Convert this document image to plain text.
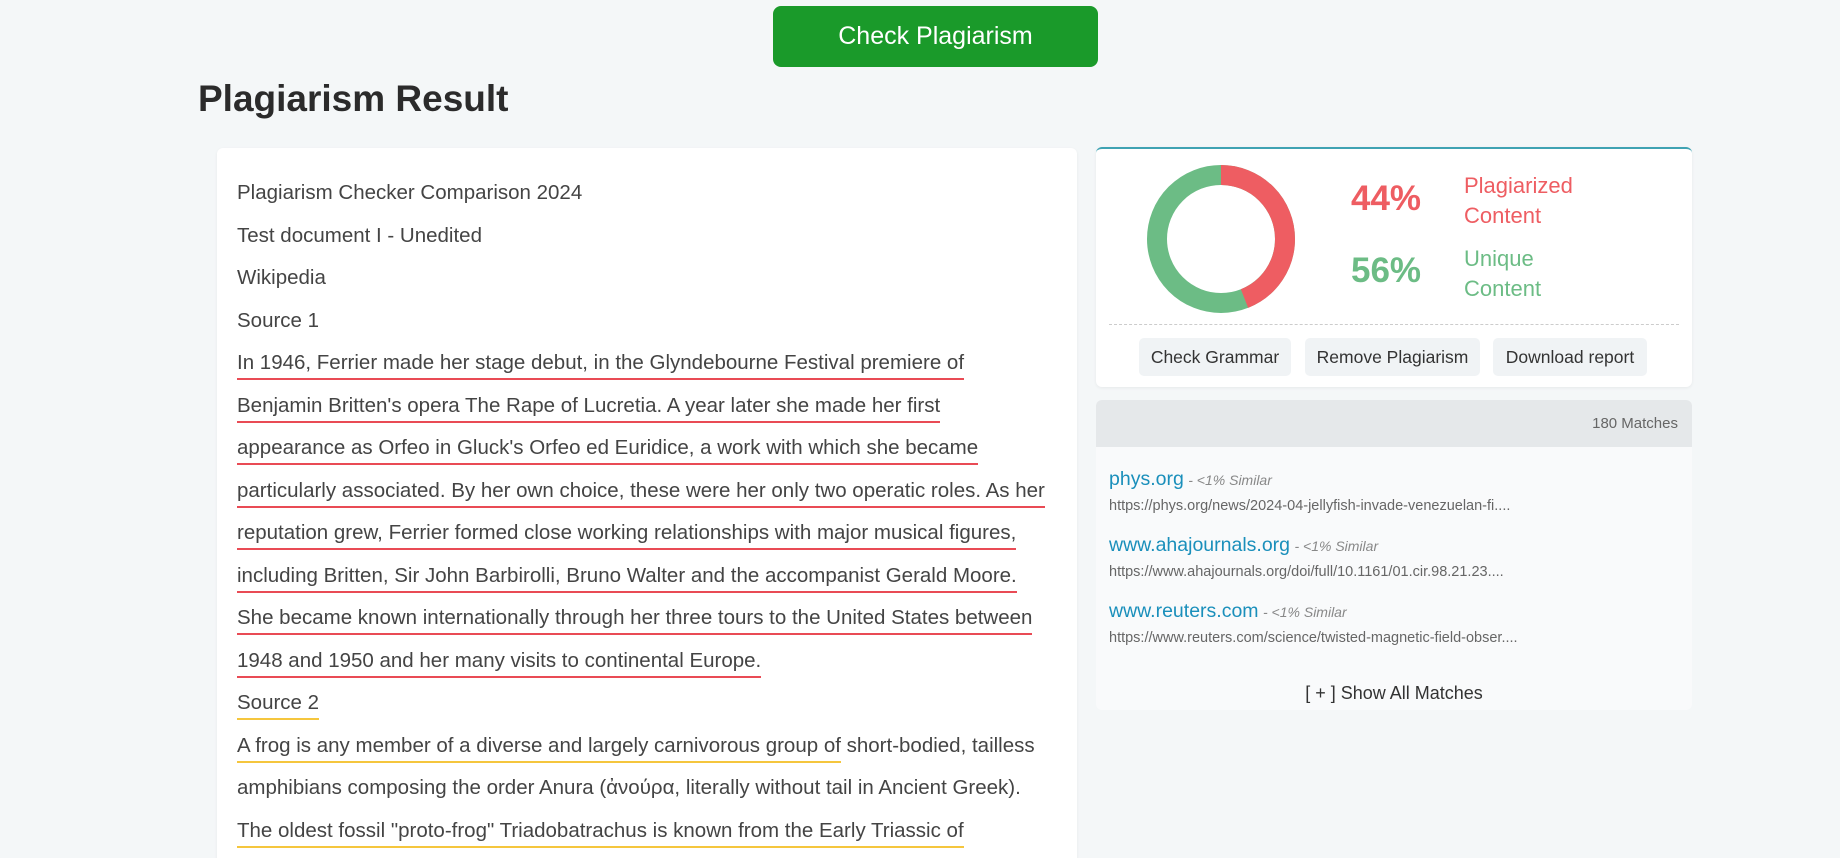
Check Plagiarism
Plagiarism Result
Plagiarism Checker Comparison 2024
Test document I - Unedited
Wikipedia
Source 1
In 1946, Ferrier made her stage debut, in the Glyndebourne Festival premiere of
Benjamin Britten's opera The Rape of Lucretia. A year later she made her first
appearance as Orfeo in Gluck's Orfeo ed Euridice, a work with which she became
particularly associated. By her own choice, these were her only two operatic roles. As her
reputation grew, Ferrier formed close working relationships with major musical figures,
including Britten, Sir John Barbirolli, Bruno Walter and the accompanist Gerald Moore.
She became known internationally through her three tours to the United States between
1948 and 1950 and her many visits to continental Europe.
Source 2
A frog is any member of a diverse and largely carnivorous group of short-bodied, tailless
amphibians composing the order Anura (ἀνούρα, literally without tail in Ancient Greek).
The oldest fossil "proto-frog" Triadobatrachus is known from the Early Triassic of
44% Plagiarized Content
56% Unique Content
Check Grammar	Remove Plagiarism	Download report
180 Matches
phys.org - <1% Similar
https://phys.org/news/2024-04-jellyfish-invade-venezuelan-fi....
www.ahajournals.org - <1% Similar
https://www.ahajournals.org/doi/full/10.1161/01.cir.98.21.23....
www.reuters.com - <1% Similar
https://www.reuters.com/science/twisted-magnetic-field-obser....
[ + ] Show All Matches
